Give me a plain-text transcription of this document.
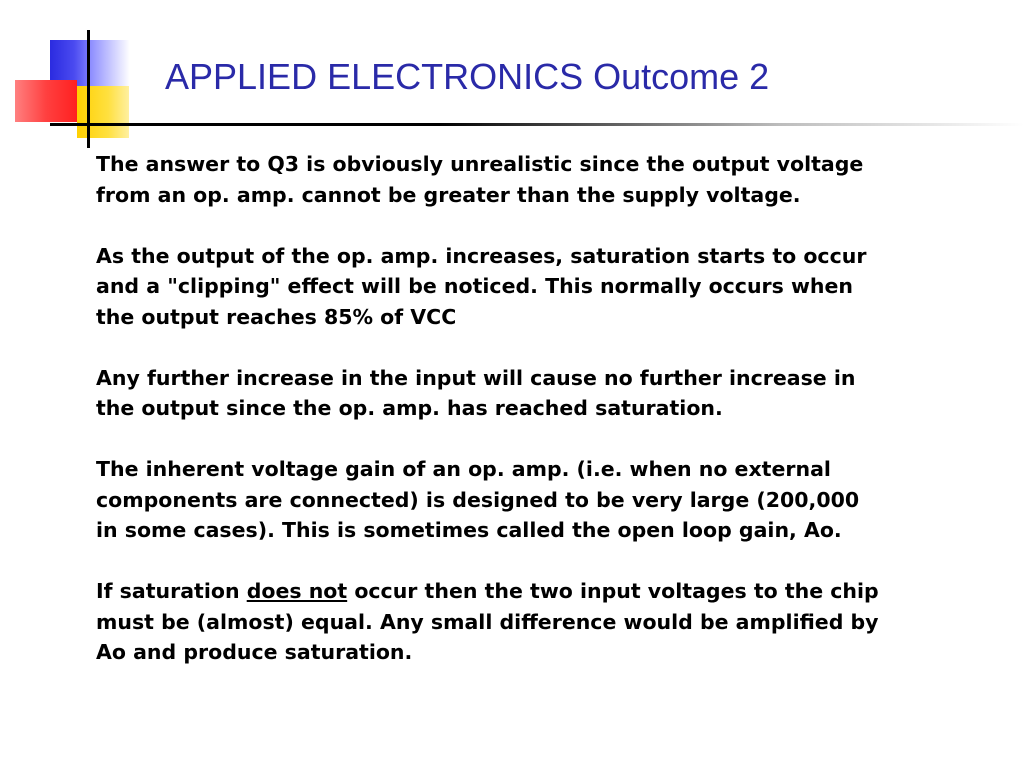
APPLIED ELECTRONICS Outcome 2

The answer to Q3 is obviously unrealistic since the output voltage from an op. amp. cannot be greater than the supply voltage.

As the output of the op. amp. increases, saturation starts to occur and a "clipping" effect will be noticed. This normally occurs when the output reaches 85% of VCC

Any further increase in the input will cause no further increase in the output since the op. amp. has reached saturation.

The inherent voltage gain of an op. amp. (i.e. when no external components are connected) is designed to be very large (200,000 in some cases). This is sometimes called the open loop gain, Ao.

If saturation does not occur then the two input voltages to the chip must be (almost) equal. Any small difference would be amplified by Ao and produce saturation.
